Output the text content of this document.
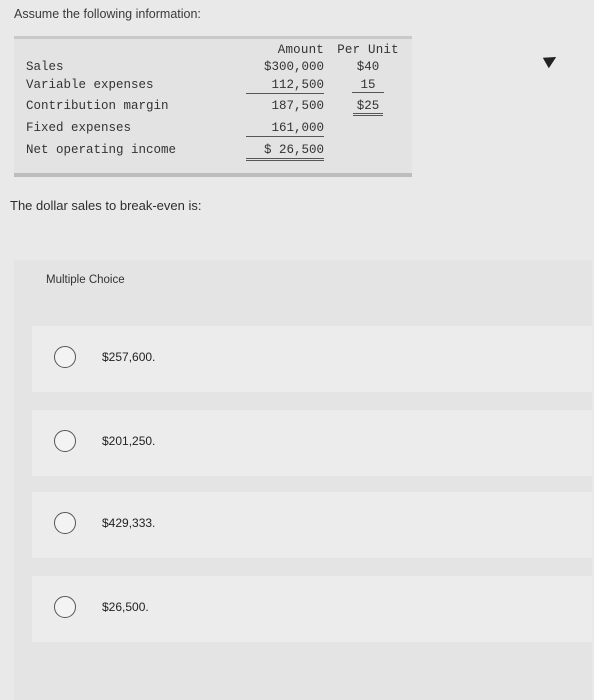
Assume the following information:
Amount Per Unit
Sales	$300,000	$40
Variable expenses	112,500	15
Contribution margin	187,500	$25
Fixed expenses	161,000
Net operating income	$ 26,500
The dollar sales to break-even is:
Multiple Choice
$257,600.
$201,250.
$429,333.
$26,500.
